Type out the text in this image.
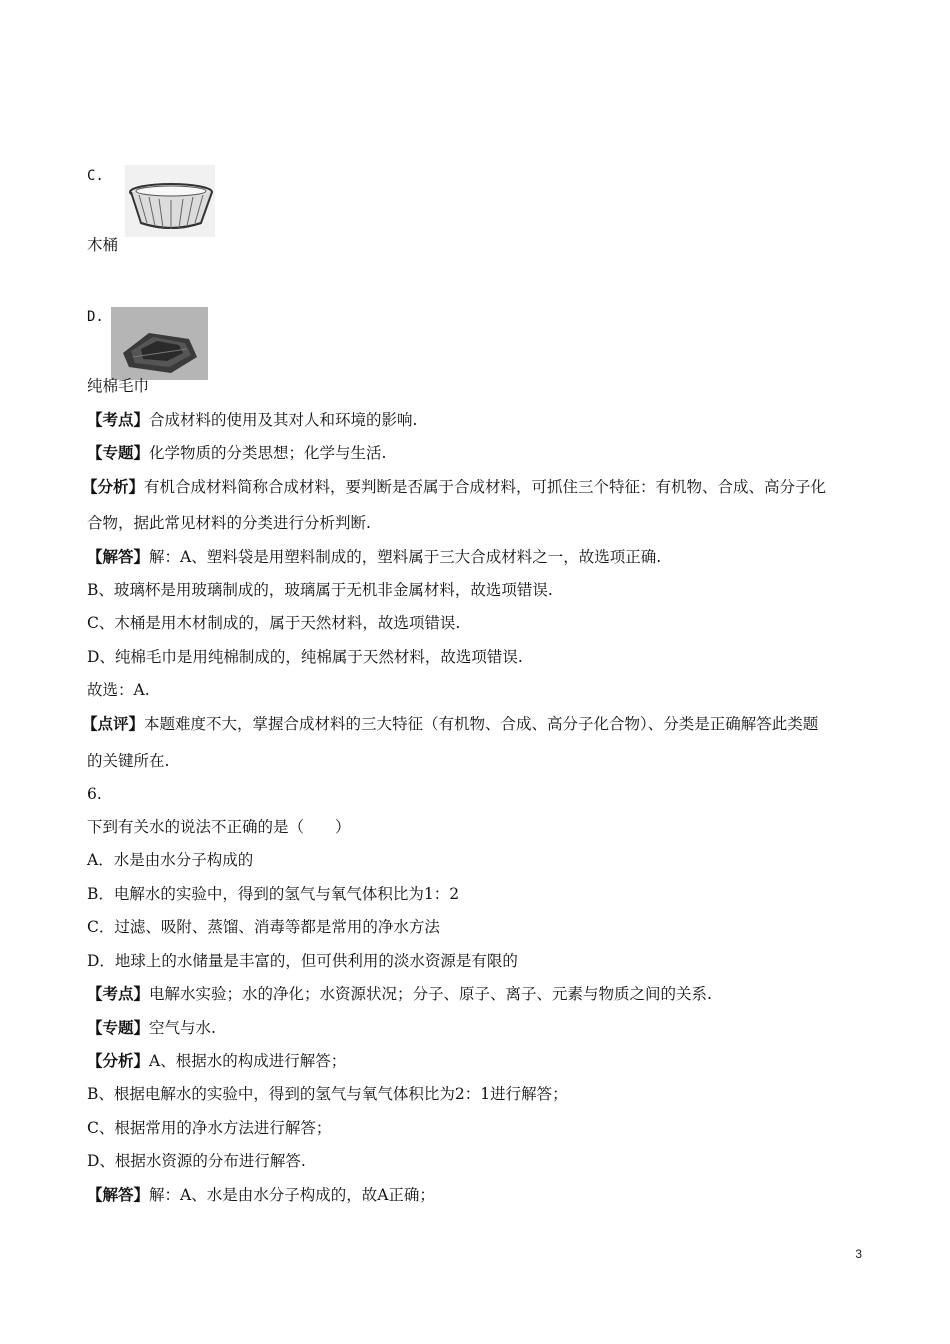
C.
木桶
D.
纯棉毛巾
【考点】合成材料的使用及其对人和环境的影响.
【专题】化学物质的分类思想；化学与生活.
【分析】有机合成材料简称合成材料，要判断是否属于合成材料，可抓住三个特征：有机物、合成、高分子化
合物，据此常见材料的分类进行分析判断.
【解答】解：A、塑料袋是用塑料制成的，塑料属于三大合成材料之一，故选项正确.
B、玻璃杯是用玻璃制成的，玻璃属于无机非金属材料，故选项错误.
C、木桶是用木材制成的，属于天然材料，故选项错误.
D、纯棉毛巾是用纯棉制成的，纯棉属于天然材料，故选项错误.
故选：A.
【点评】本题难度不大，掌握合成材料的三大特征（有机物、合成、高分子化合物）、分类是正确解答此类题
的关键所在.
6.
下到有关水的说法不正确的是（　　）
A．水是由水分子构成的
B．电解水的实验中，得到的氢气与氧气体积比为1：2
C．过滤、吸附、蒸馏、消毒等都是常用的净水方法
D．地球上的水储量是丰富的，但可供利用的淡水资源是有限的
【考点】电解水实验；水的净化；水资源状况；分子、原子、离子、元素与物质之间的关系.
【专题】空气与水.
【分析】A、根据水的构成进行解答；
B、根据电解水的实验中，得到的氢气与氧气体积比为2：1进行解答；
C、根据常用的净水方法进行解答；
D、根据水资源的分布进行解答.
【解答】解：A、水是由水分子构成的，故A正确；
3
